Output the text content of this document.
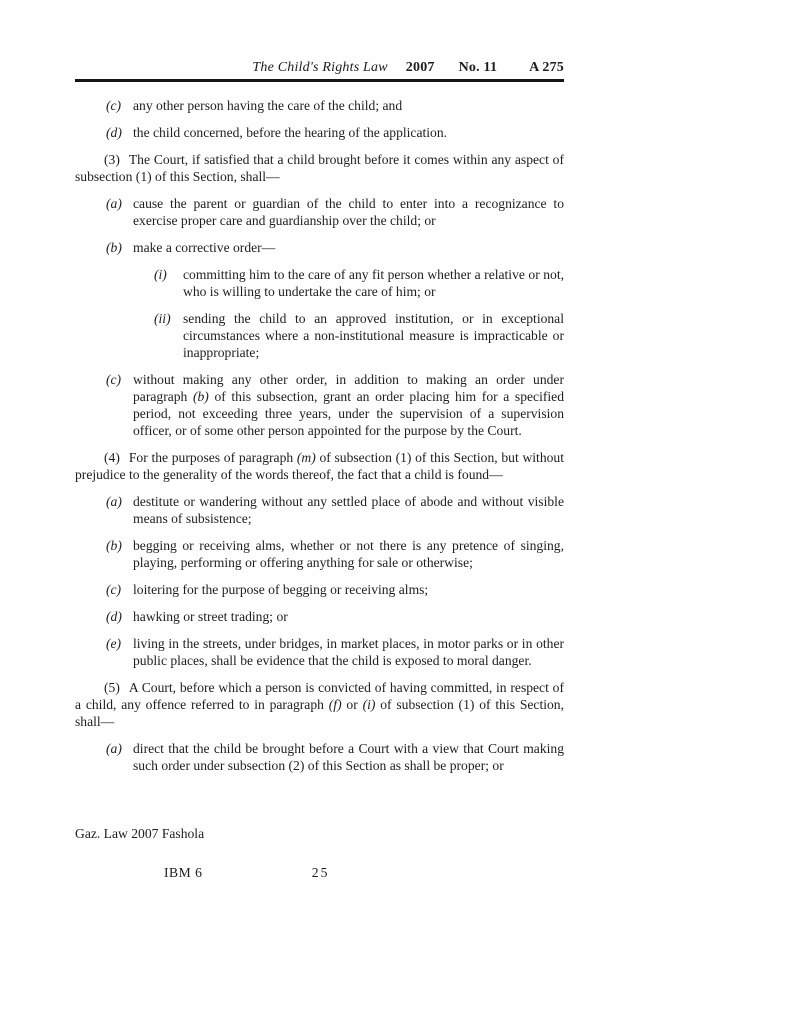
The Child's Rights Law 2007 No. 11 A 275
(c) any other person having the care of the child; and
(d) the child concerned, before the hearing of the application.

(3) The Court, if satisfied that a child brought before it comes within any aspect of subsection (1) of this Section, shall—

(a) cause the parent or guardian of the child to enter into a recognizance to exercise proper care and guardianship over the child; or
(b) make a corrective order—
(i) committing him to the care of any fit person whether a relative or not, who is willing to undertake the care of him; or
(ii) sending the child to an approved institution, or in exceptional circumstances where a non-institutional measure is impracticable or inappropriate;
(c) without making any other order, in addition to making an order under paragraph (b) of this subsection, grant an order placing him for a specified period, not exceeding three years, under the supervision of a supervision officer, or of some other person appointed for the purpose by the Court.

(4) For the purposes of paragraph (m) of subsection (1) of this Section, but without prejudice to the generality of the words thereof, the fact that a child is found—

(a) destitute or wandering without any settled place of abode and without visible means of subsistence;
(b) begging or receiving alms, whether or not there is any pretence of singing, playing, performing or offering anything for sale or otherwise;
(c) loitering for the purpose of begging or receiving alms;
(d) hawking or street trading; or
(e) living in the streets, under bridges, in market places, in motor parks or in other public places, shall be evidence that the child is exposed to moral danger.

(5) A Court, before which a person is convicted of having committed, in respect of a child, any offence referred to in paragraph (f) or (i) of subsection (1) of this Section, shall—

(a) direct that the child be brought before a Court with a view that Court making such order under subsection (2) of this Section as shall be proper; or
Gaz. Law 2007 Fashola
IBM 6	25
